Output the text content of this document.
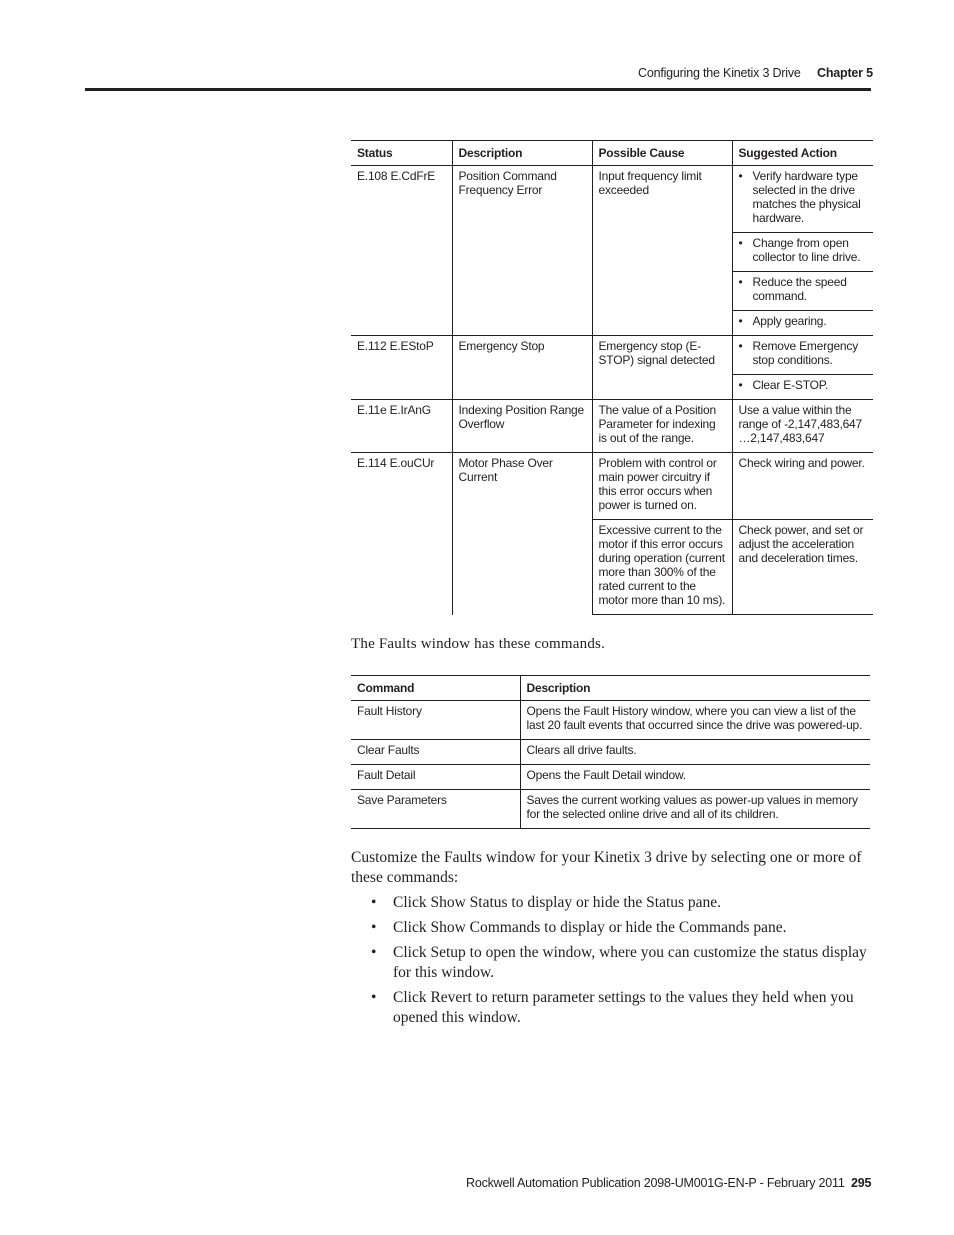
Configuring the Kinetix 3 Drive Chapter 5
Status	Description	Possible Cause	Suggested Action
E.108 E.CdFrE	Position Command Frequency Error	Input frequency limit exceeded	• Verify hardware type selected in the drive matches the physical hardware.

			• Change from open collector to line drive.

			• Reduce the speed command.

			• Apply gearing.

E.112 E.EStoP	Emergency Stop	Emergency stop (E-STOP) signal detected	• Remove Emergency stop conditions.

			• Clear E-STOP.

E.11e E.IrAnG	Indexing Position Range Overflow	The value of a Position Parameter for indexing is out of the range.	Use a value within the range of -2,147,483,647 …2,147,483,647
E.114 E.ouCUr	Motor Phase Over Current	Problem with control or main power circuitry if this error occurs when power is turned on.	Check wiring and power.
		Excessive current to the motor if this error occurs during operation (current more than 300% of the rated current to the motor more than 10 ms).	Check power, and set or adjust the acceleration and deceleration times.
The Faults window has these commands.
Command	Description
Fault History	Opens the Fault History window, where you can view a list of the last 20 fault events that occurred since the drive was powered-up.
Clear Faults	Clears all drive faults.
Fault Detail	Opens the Fault Detail window.
Save Parameters	Saves the current working values as power-up values in memory for the selected online drive and all of its children.
Customize the Faults window for your Kinetix 3 drive by selecting one or more of these commands:
•	Click Show Status to display or hide the Status pane.
•	Click Show Commands to display or hide the Commands pane.
•	Click Setup to open the window, where you can customize the status display for this window.
•	Click Revert to return parameter settings to the values they held when you opened this window.
Rockwell Automation Publication 2098-UM001G-EN-P - February 2011 295
